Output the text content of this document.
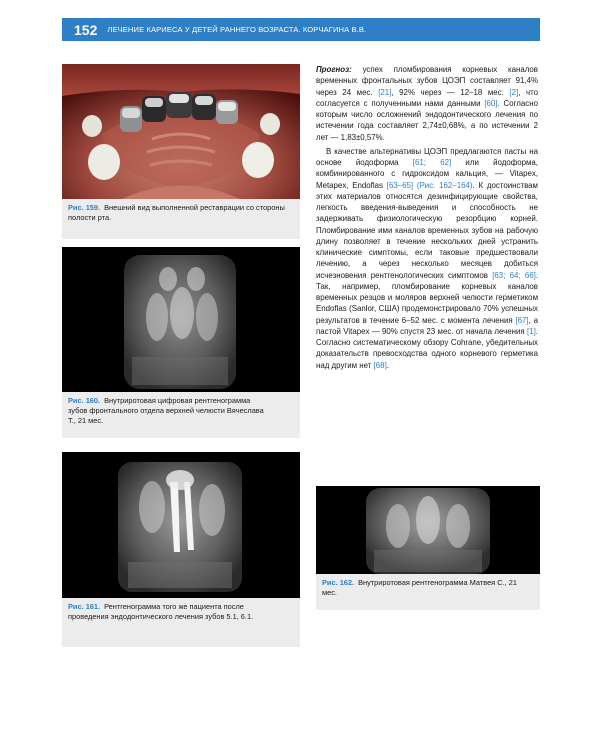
152 ЛЕЧЕНИЕ КАРИЕСА У ДЕТЕЙ РАННЕГО ВОЗРАСТА. КОРЧАГИНА В.В.
Рис. 159. Внешний вид выполненной реставрации со стороны полости рта.
Рис. 160. Внутриротовая цифровая рентгенограмма зубов фронтального отдела верхней челюсти Вячеслава Т., 21 мес.
Рис. 161. Рентгенограмма того же пациента после проведения эндодонтического лечения зубов 5.1, 6.1.

Прогноз: успех пломбирования корневых каналов временных фронтальных зубов ЦОЭП составляет 91,4% через 24 мес. [21], 92% через — 12–18 мес. [2], что согласуется с полученными нами данными [60]. Согласно которым число осложнений эндодонтического лечения по истечении года составляет 2,74±0,68%, а по истечении 2 лет — 1,83±0,57%.

В качестве альтернативы ЦОЭП предлагаются пасты на основе йодоформа [61; 62] или йодоформа, комбинированного с гидроксидом кальция, — Vitapex, Metapex, Endoflas [63–65] (Рис. 162–164). К достоинствам этих материалов относятся дезинфицирующие свойства, легкость введения-выведения и способность не задерживать физиологическую резорбцию корней. Пломбирование ими каналов временных зубов на рабочую длину позволяет в течение нескольких дней устранить клинические симптомы, если таковые предшествовали лечению, а через несколько месяцев добиться исчезновения рентгенологических симптомов [63; 64; 66]. Так, например, пломбирование корневых каналов временных резцов и моляров верхней челюсти герметиком Endoflas (Sanlor, США) продемонстрировало 70% успешных результатов в течение 6–52 мес. с момента лечения [67], а пастой Vitapex — 90% спустя 23 мес. от начала лечения [1]. Согласно систематическому обзору Cohrane, убедительных доказательств превосходства одного корневого герметика над другим нет [68].

Рис. 162. Внутриротовая рентгенограмма Матвея С., 21 мес.
